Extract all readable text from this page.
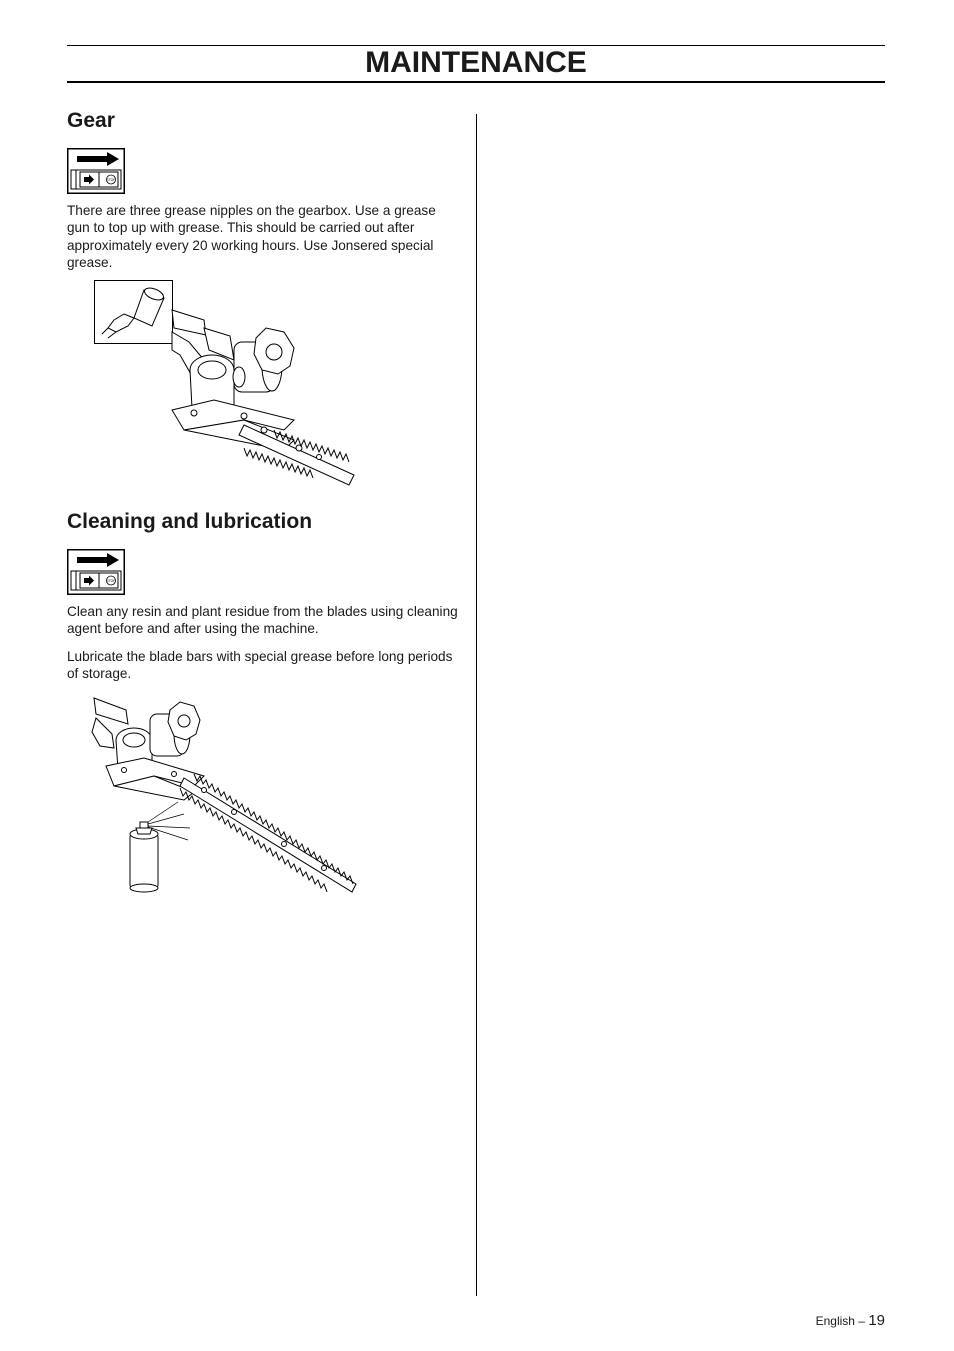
MAINTENANCE
Gear
STOP

There are three grease nipples on the gearbox. Use a grease gun to top up with grease. This should be carried out after approximately every 20 working hours. Use Jonsered special grease.

Cleaning and lubrication
STOP

Clean any resin and plant residue from the blades using cleaning agent before and after using the machine.

Lubricate the blade bars with special grease before long periods of storage.

English – 19
